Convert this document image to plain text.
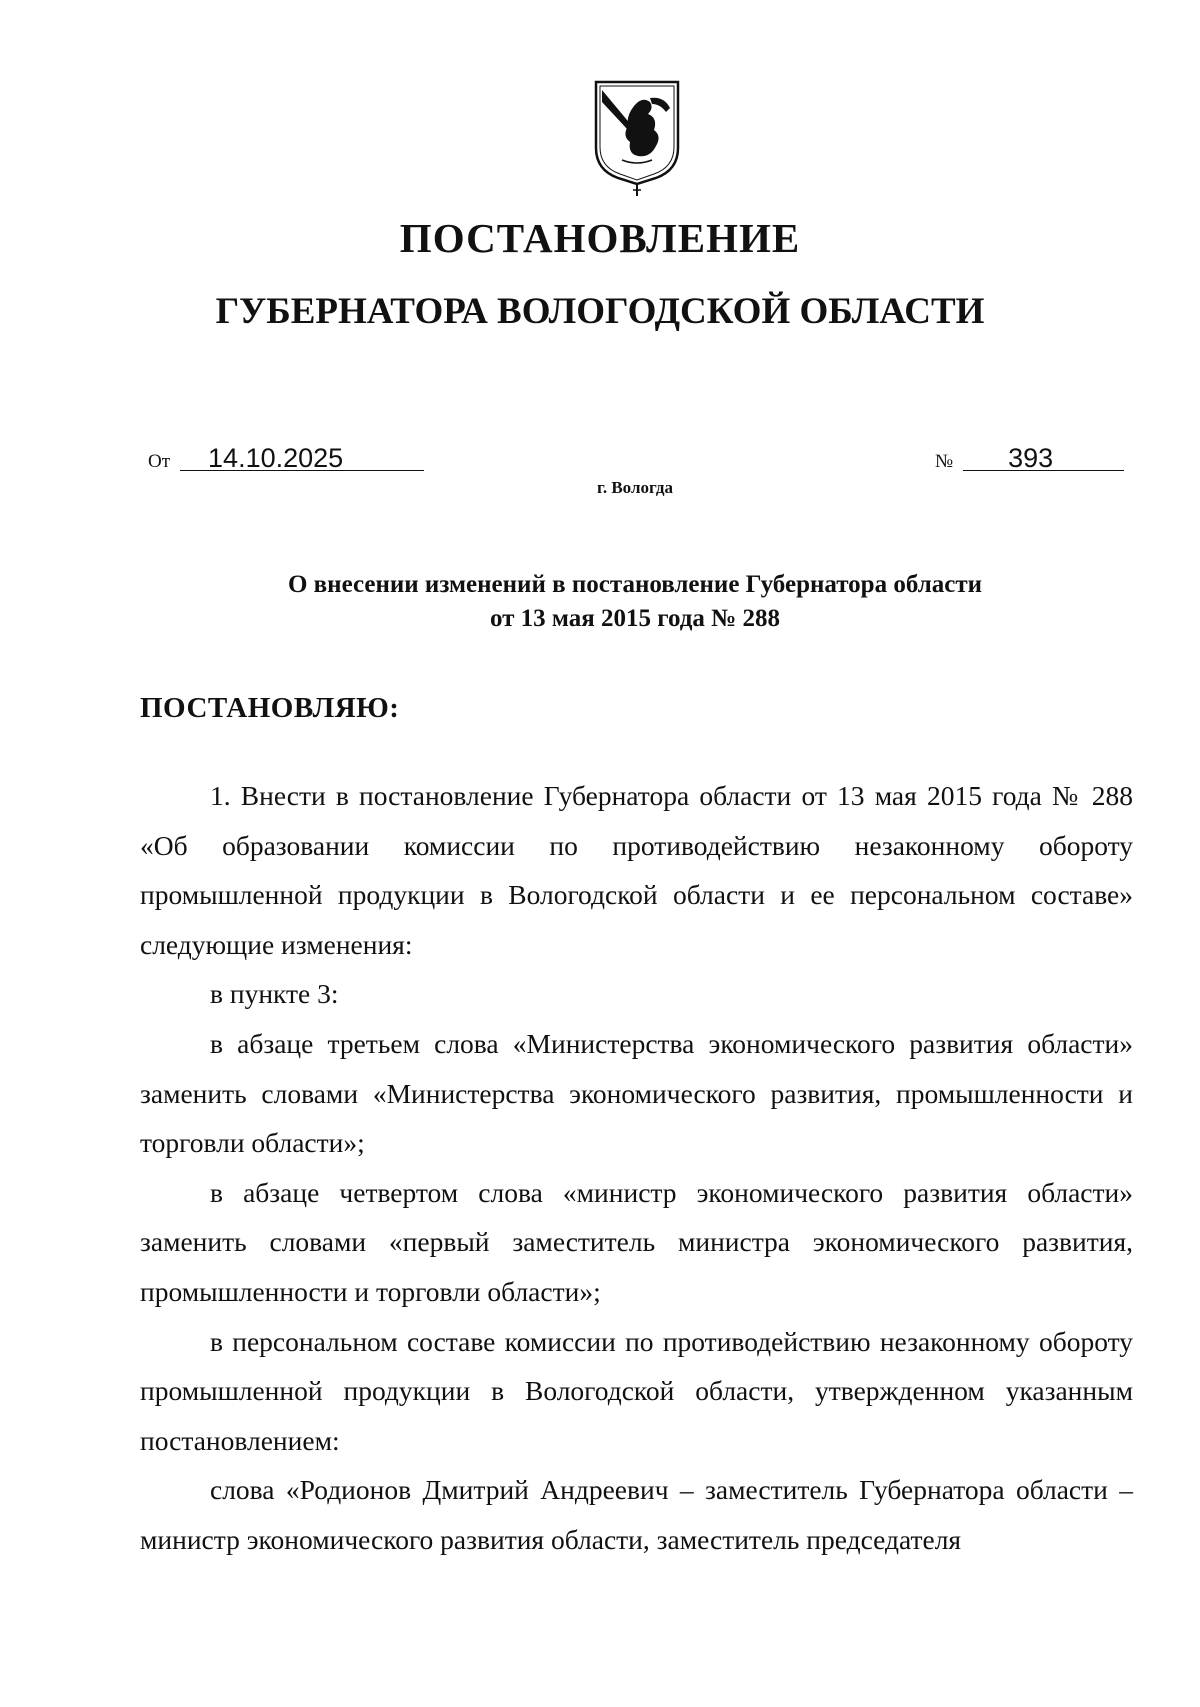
ПОСТАНОВЛЕНИЕ
ГУБЕРНАТОРА ВОЛОГОДСКОЙ ОБЛАСТИ
От 14.10.2025	№ 393
г. Вологда
О внесении изменений в постановление Губернатора области
от 13 мая 2015 года № 288
ПОСТАНОВЛЯЮ:

1. Внести в постановление Губернатора области от 13 мая 2015 года № 288 «Об образовании комиссии по противодействию незаконному обороту промышленной продукции в Вологодской области и ее персональном составе» следующие изменения:

в пункте 3:

в абзаце третьем слова «Министерства экономического развития области» заменить словами «Министерства экономического развития, промышленности и торговли области»;

в абзаце четвертом слова «министр экономического развития области» заменить словами «первый заместитель министра экономического развития, промышленности и торговли области»;

в персональном составе комиссии по противодействию незаконному обороту промышленной продукции в Вологодской области, утвержденном указанным постановлением:

слова «Родионов Дмитрий Андреевич – заместитель Губернатора области – министр экономического развития области, заместитель председателя
